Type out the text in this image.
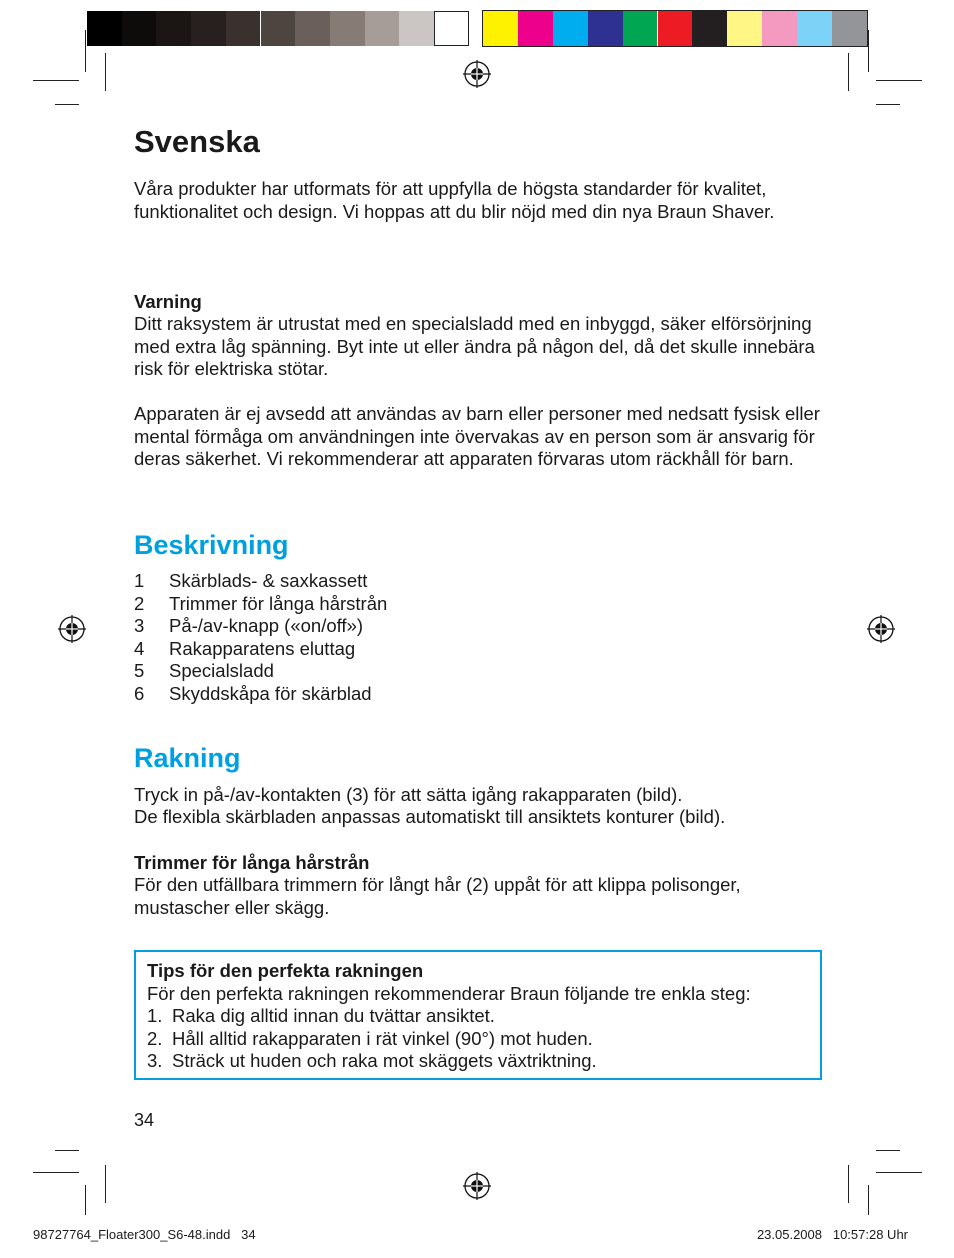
Svenska

Våra produkter har utformats för att uppfylla de högsta standarder för kvalitet, funktionalitet och design. Vi hoppas att du blir nöjd med din nya Braun Shaver.

Varning

Ditt raksystem är utrustat med en specialsladd med en inbyggd, säker elförsörjning med extra låg spänning. Byt inte ut eller ändra på någon del, då det skulle innebära risk för elektriska stötar.

Apparaten är ej avsedd att användas av barn eller personer med nedsatt fysisk eller mental förmåga om användningen inte övervakas av en person som är ansvarig för deras säkerhet. Vi rekommenderar att apparaten förvaras utom räckhåll för barn.

Beskrivning
1	Skärblads- & saxkassett
2	Trimmer för långa hårstrån
3	På-/av-knapp («on/off»)
4	Rakapparatens eluttag
5	Specialsladd
6	Skyddskåpa för skärblad
Rakning

Tryck in på-/av-kontakten (3) för att sätta igång rakapparaten (bild).

De flexibla skärbladen anpassas automatiskt till ansiktets konturer (bild).

Trimmer för långa hårstrån

För den utfällbara trimmern för långt hår (2) uppåt för att klippa polisonger, mustascher eller skägg.

Tips för den perfekta rakningen
För den perfekta rakningen rekommenderar Braun följande tre enkla steg:
1. Raka dig alltid innan du tvättar ansiktet.
2. Håll alltid rakapparaten i rät vinkel (90°) mot huden.
3. Sträck ut huden och raka mot skäggets växtriktning.
34
98727764_Floater300_S6-48.indd   34	23.05.2008   10:57:28 Uhr
